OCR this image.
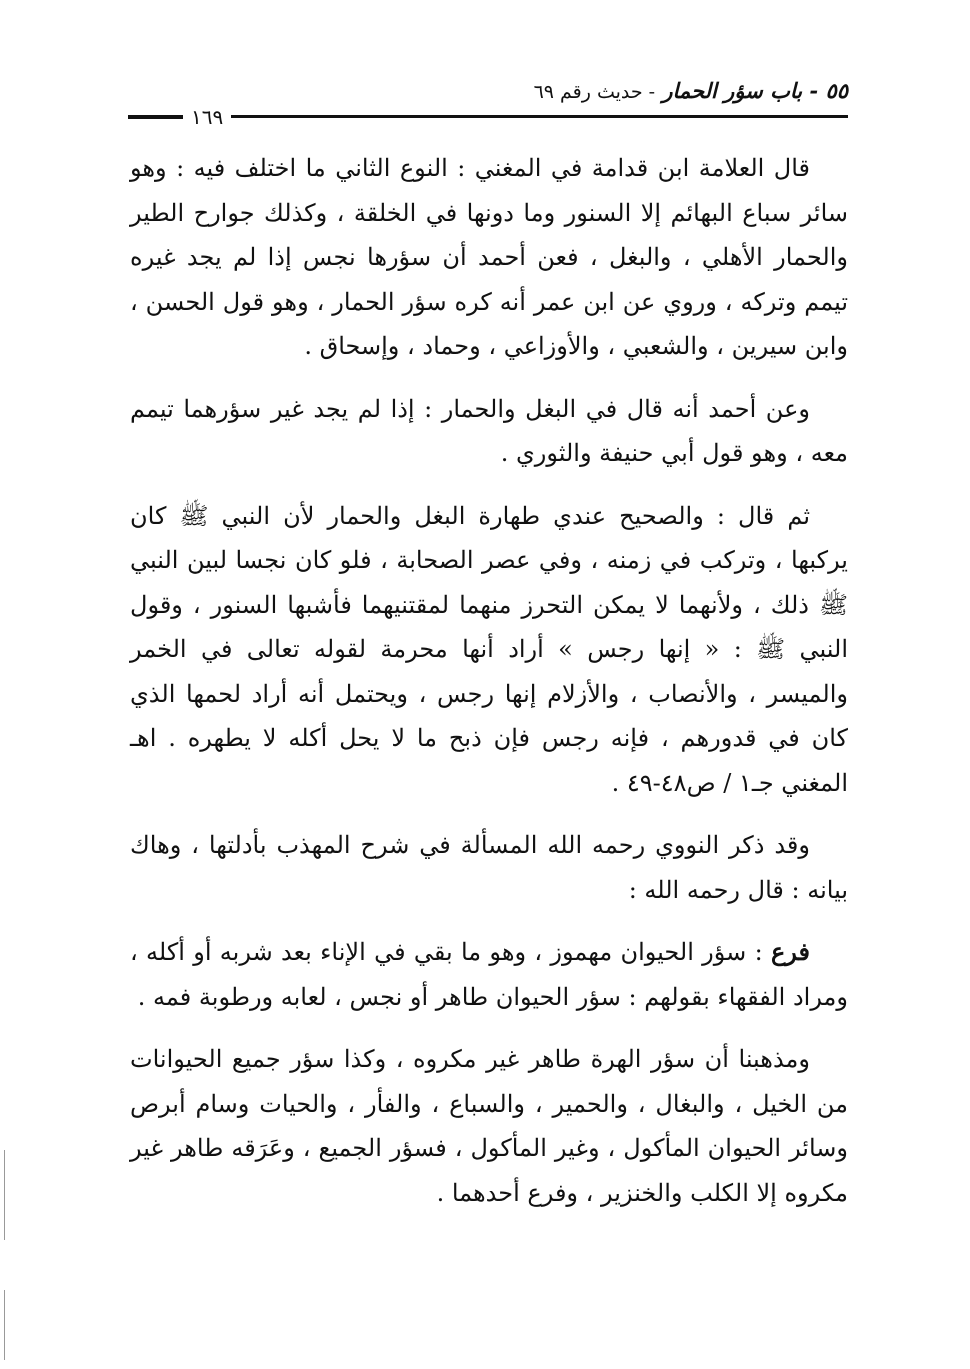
٥٥ - باب سؤر الحمار - حديث رقم ٦٩
١٦٩

قال العلامة ابن قدامة في المغني : النوع الثاني ما اختلف فيه : وهو سائر سباع البهائم إلا السنور وما دونها في الخلقة ، وكذلك جوارح الطير والحمار الأهلي ، والبغل ، فعن أحمد أن سؤرها نجس إذا لم يجد غيره تيمم وتركه ، وروي عن ابن عمر أنه كره سؤر الحمار ، وهو قول الحسن ، وابن سيرين ، والشعبي ، والأوزاعي ، وحماد ، وإسحاق .

وعن أحمد أنه قال في البغل والحمار : إذا لم يجد غير سؤرهما تيمم معه ، وهو قول أبي حنيفة والثوري .

ثم قال : والصحيح عندي طهارة البغل والحمار لأن النبي ﷺ كان يركبها ، وتركب في زمنه ، وفي عصر الصحابة ، فلو كان نجسا لبين النبي ﷺ ذلك ، ولأنهما لا يمكن التحرز منهما لمقتنيهما فأشبها السنور ، وقول النبي ﷺ : « إنها رجس » أراد أنها محرمة لقوله تعالى في الخمر والميسر ، والأنصاب ، والأزلام إنها رجس ، ويحتمل أنه أراد لحمها الذي كان في قدورهم ، فإنه رجس فإن ذبح ما لا يحل أكله لا يطهره . اهـ المغني جـ١ / ص٤٨-٤٩ .

وقد ذكر النووي رحمه الله المسألة في شرح المهذب بأدلتها ، وهاك بيانه : قال رحمه الله :

فرع : سؤر الحيوان مهموز ، وهو ما بقي في الإناء بعد شربه أو أكله ، ومراد الفقهاء بقولهم : سؤر الحيوان طاهر أو نجس ، لعابه ورطوبة فمه .

ومذهبنا أن سؤر الهرة طاهر غير مكروه ، وكذا سؤر جميع الحيوانات من الخيل ، والبغال ، والحمير ، والسباع ، والفأر ، والحيات وسام أبرص وسائر الحيوان المأكول ، وغير المأكول ، فسؤر الجميع ، وعَرَقه طاهر غير مكروه إلا الكلب والخنزير ، وفرع أحدهما .
